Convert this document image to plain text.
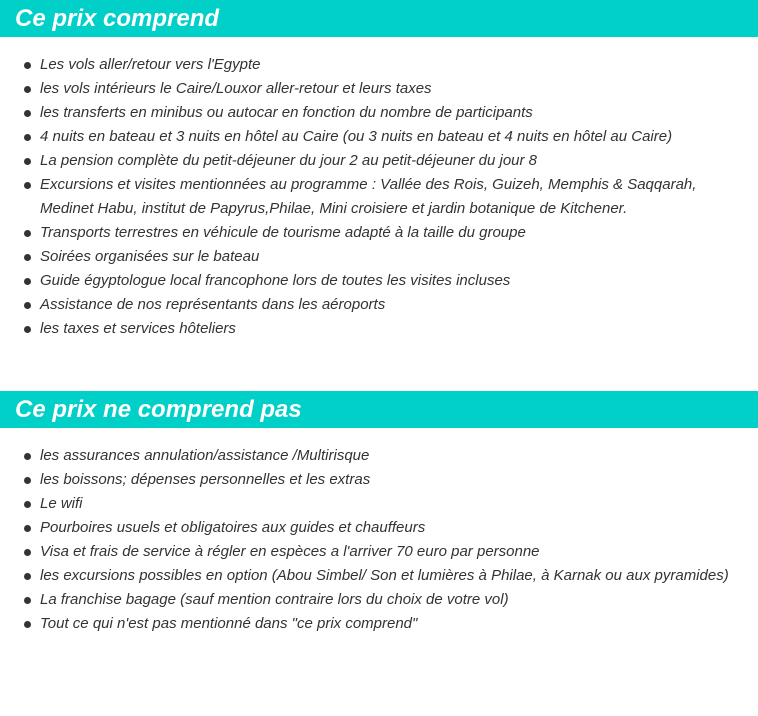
Ce prix comprend
Les vols aller/retour vers l'Egypte
les vols intérieurs le Caire/Louxor aller-retour et leurs taxes
les transferts en minibus ou autocar en fonction du nombre de participants
4 nuits en bateau et 3 nuits en hôtel au Caire (ou 3 nuits en bateau et 4 nuits en hôtel au Caire)
La pension complète du petit-déjeuner du jour 2 au petit-déjeuner du jour 8
Excursions et visites mentionnées au programme : Vallée des Rois, Guizeh, Memphis & Saqqarah, Medinet Habu, institut de Papyrus,Philae, Mini croisiere et jardin botanique de Kitchener.
Transports terrestres en véhicule de tourisme adapté à la taille du groupe
Soirées organisées sur le bateau
Guide égyptologue local francophone lors de toutes les visites incluses
Assistance de nos représentants dans les aéroports
les taxes et services hôteliers
Ce prix ne comprend pas
les assurances annulation/assistance /Multirisque
les boissons; dépenses personnelles et les extras
Le wifi
Pourboires usuels et obligatoires aux guides et chauffeurs
Visa et frais de service à régler en espèces a l'arriver 70 euro par personne
les excursions possibles en option (Abou Simbel/ Son et lumières à Philae, à Karnak ou aux pyramides)
La franchise bagage (sauf mention contraire lors du choix de votre vol)
Tout ce qui n'est pas mentionné dans "ce prix comprend"
